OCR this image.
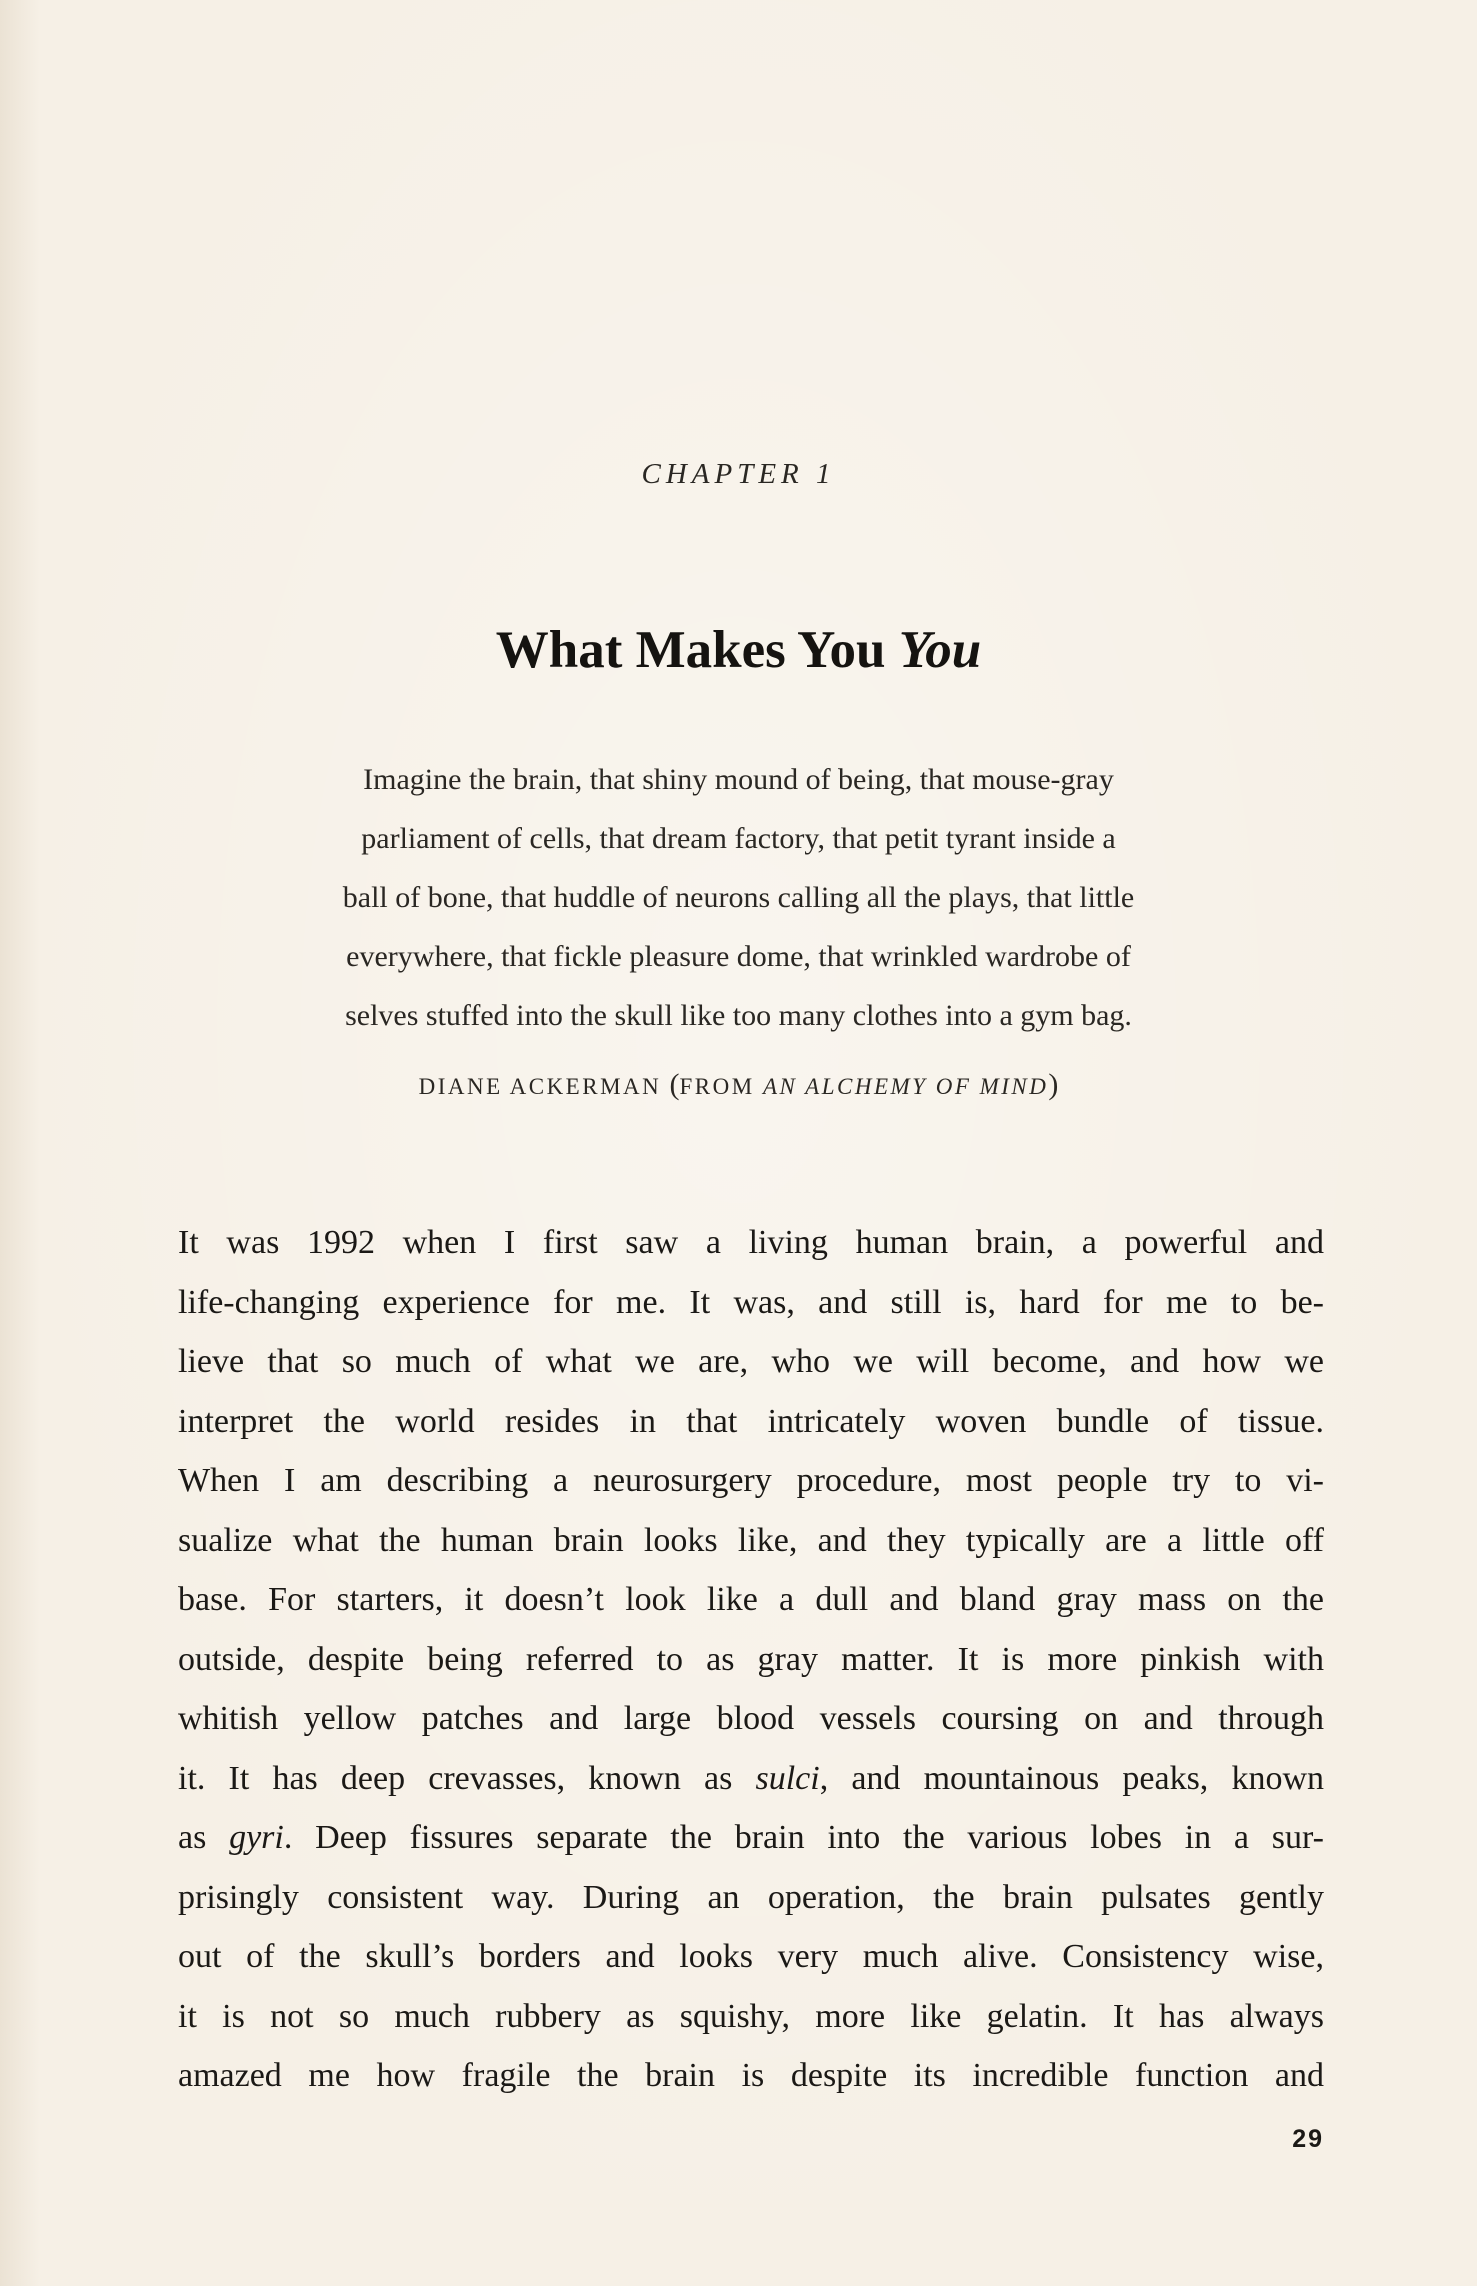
CHAPTER 1
What Makes You You
Imagine the brain, that shiny mound of being, that mouse-gray
parliament of cells, that dream factory, that petit tyrant inside a
ball of bone, that huddle of neurons calling all the plays, that little
everywhere, that fickle pleasure dome, that wrinkled wardrobe of
selves stuffed into the skull like too many clothes into a gym bag.
DIANE ACKERMAN (FROM AN ALCHEMY OF MIND)
It was 1992 when I first saw a living human brain, a powerful and
life-changing experience for me. It was, and still is, hard for me to be-
lieve that so much of what we are, who we will become, and how we
interpret the world resides in that intricately woven bundle of tissue.
When I am describing a neurosurgery procedure, most people try to vi-
sualize what the human brain looks like, and they typically are a little off
base. For starters, it doesn’t look like a dull and bland gray mass on the
outside, despite being referred to as gray matter. It is more pinkish with
whitish yellow patches and large blood vessels coursing on and through
it. It has deep crevasses, known as sulci, and mountainous peaks, known
as gyri. Deep fissures separate the brain into the various lobes in a sur-
prisingly consistent way. During an operation, the brain pulsates gently
out of the skull’s borders and looks very much alive. Consistency wise,
it is not so much rubbery as squishy, more like gelatin. It has always
amazed me how fragile the brain is despite its incredible function and
29
